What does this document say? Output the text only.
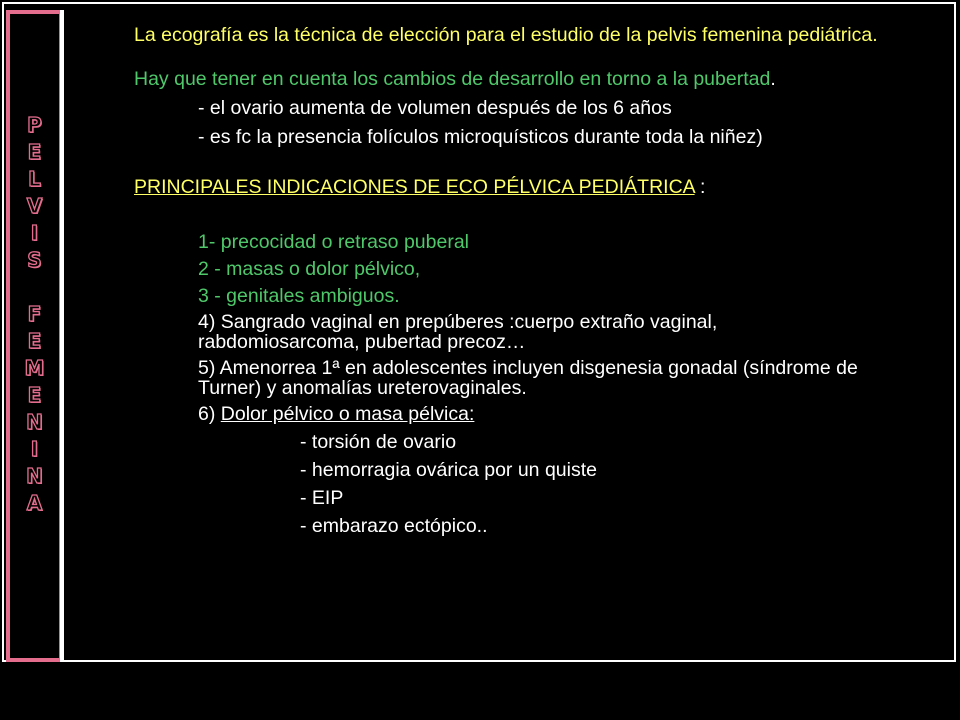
P
E
L
V
I
S
F
E
M
E
N
I
N
A

La ecografía es la técnica de elección para el estudio de la pelvis femenina pediátrica.

Hay que tener en cuenta los cambios de desarrollo en torno a la pubertad.

- el ovario aumenta de volumen después de los 6 años

- es fc la presencia folículos microquísticos durante toda la niñez)

PRINCIPALES INDICACIONES DE ECO PÉLVICA PEDIÁTRICA :

1- precocidad o retraso puberal

2 - masas o dolor pélvico,

3 - genitales ambiguos.

4) Sangrado vaginal en prepúberes :cuerpo extraño vaginal, rabdomiosarcoma, pubertad precoz…

5) Amenorrea 1ª en adolescentes incluyen disgenesia gonadal (síndrome de Turner) y anomalías ureterovaginales.

6) Dolor pélvico o masa pélvica:

- torsión de ovario

- hemorragia ovárica por un quiste

- EIP

- embarazo ectópico..
